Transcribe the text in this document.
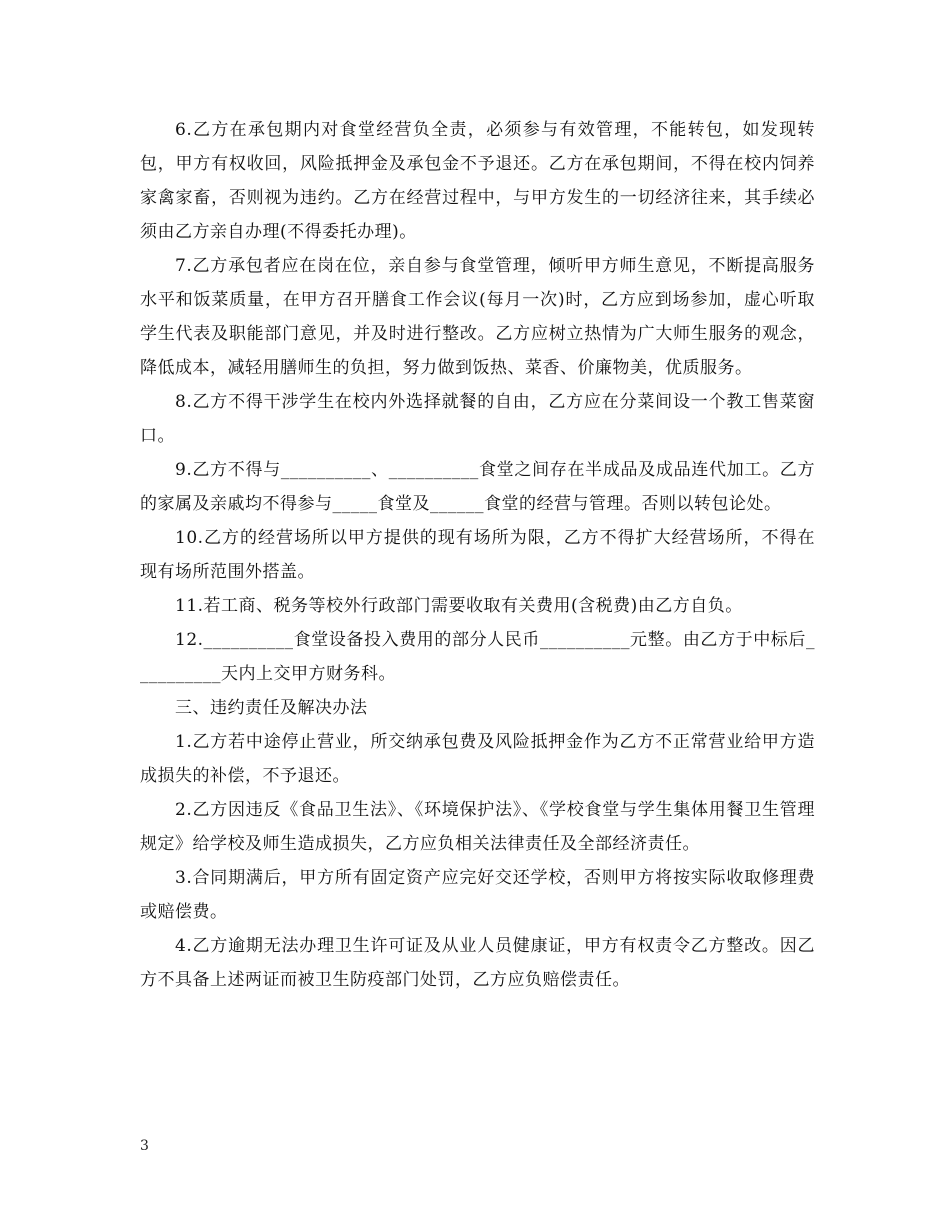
6.乙方在承包期内对食堂经营负全责，必须参与有效管理，不能转包，如发现转包，甲方有权收回，风险抵押金及承包金不予退还。乙方在承包期间，不得在校内饲养家禽家畜，否则视为违约。乙方在经营过程中，与甲方发生的一切经济往来，其手续必须由乙方亲自办理(不得委托办理)。

7.乙方承包者应在岗在位，亲自参与食堂管理，倾听甲方师生意见，不断提高服务水平和饭菜质量，在甲方召开膳食工作会议(每月一次)时，乙方应到场参加，虚心听取学生代表及职能部门意见，并及时进行整改。乙方应树立热情为广大师生服务的观念，降低成本，减轻用膳师生的负担，努力做到饭热、菜香、价廉物美，优质服务。

8.乙方不得干涉学生在校内外选择就餐的自由，乙方应在分菜间设一个教工售菜窗口。

9.乙方不得与__________、__________食堂之间存在半成品及成品连代加工。乙方的家属及亲戚均不得参与_____食堂及______食堂的经营与管理。否则以转包论处。

10.乙方的经营场所以甲方提供的现有场所为限，乙方不得扩大经营场所，不得在现有场所范围外搭盖。

11.若工商、税务等校外行政部门需要收取有关费用(含税费)由乙方自负。

12.__________食堂设备投入费用的部分人民币__________元整。由乙方于中标后__________天内上交甲方财务科。

三、违约责任及解决办法

1.乙方若中途停止营业，所交纳承包费及风险抵押金作为乙方不正常营业给甲方造成损失的补偿，不予退还。

2.乙方因违反《食品卫生法》、《环境保护法》、《学校食堂与学生集体用餐卫生管理规定》给学校及师生造成损失，乙方应负相关法律责任及全部经济责任。

3.合同期满后，甲方所有固定资产应完好交还学校，否则甲方将按实际收取修理费或赔偿费。

4.乙方逾期无法办理卫生许可证及从业人员健康证，甲方有权责令乙方整改。因乙方不具备上述两证而被卫生防疫部门处罚，乙方应负赔偿责任。

3
